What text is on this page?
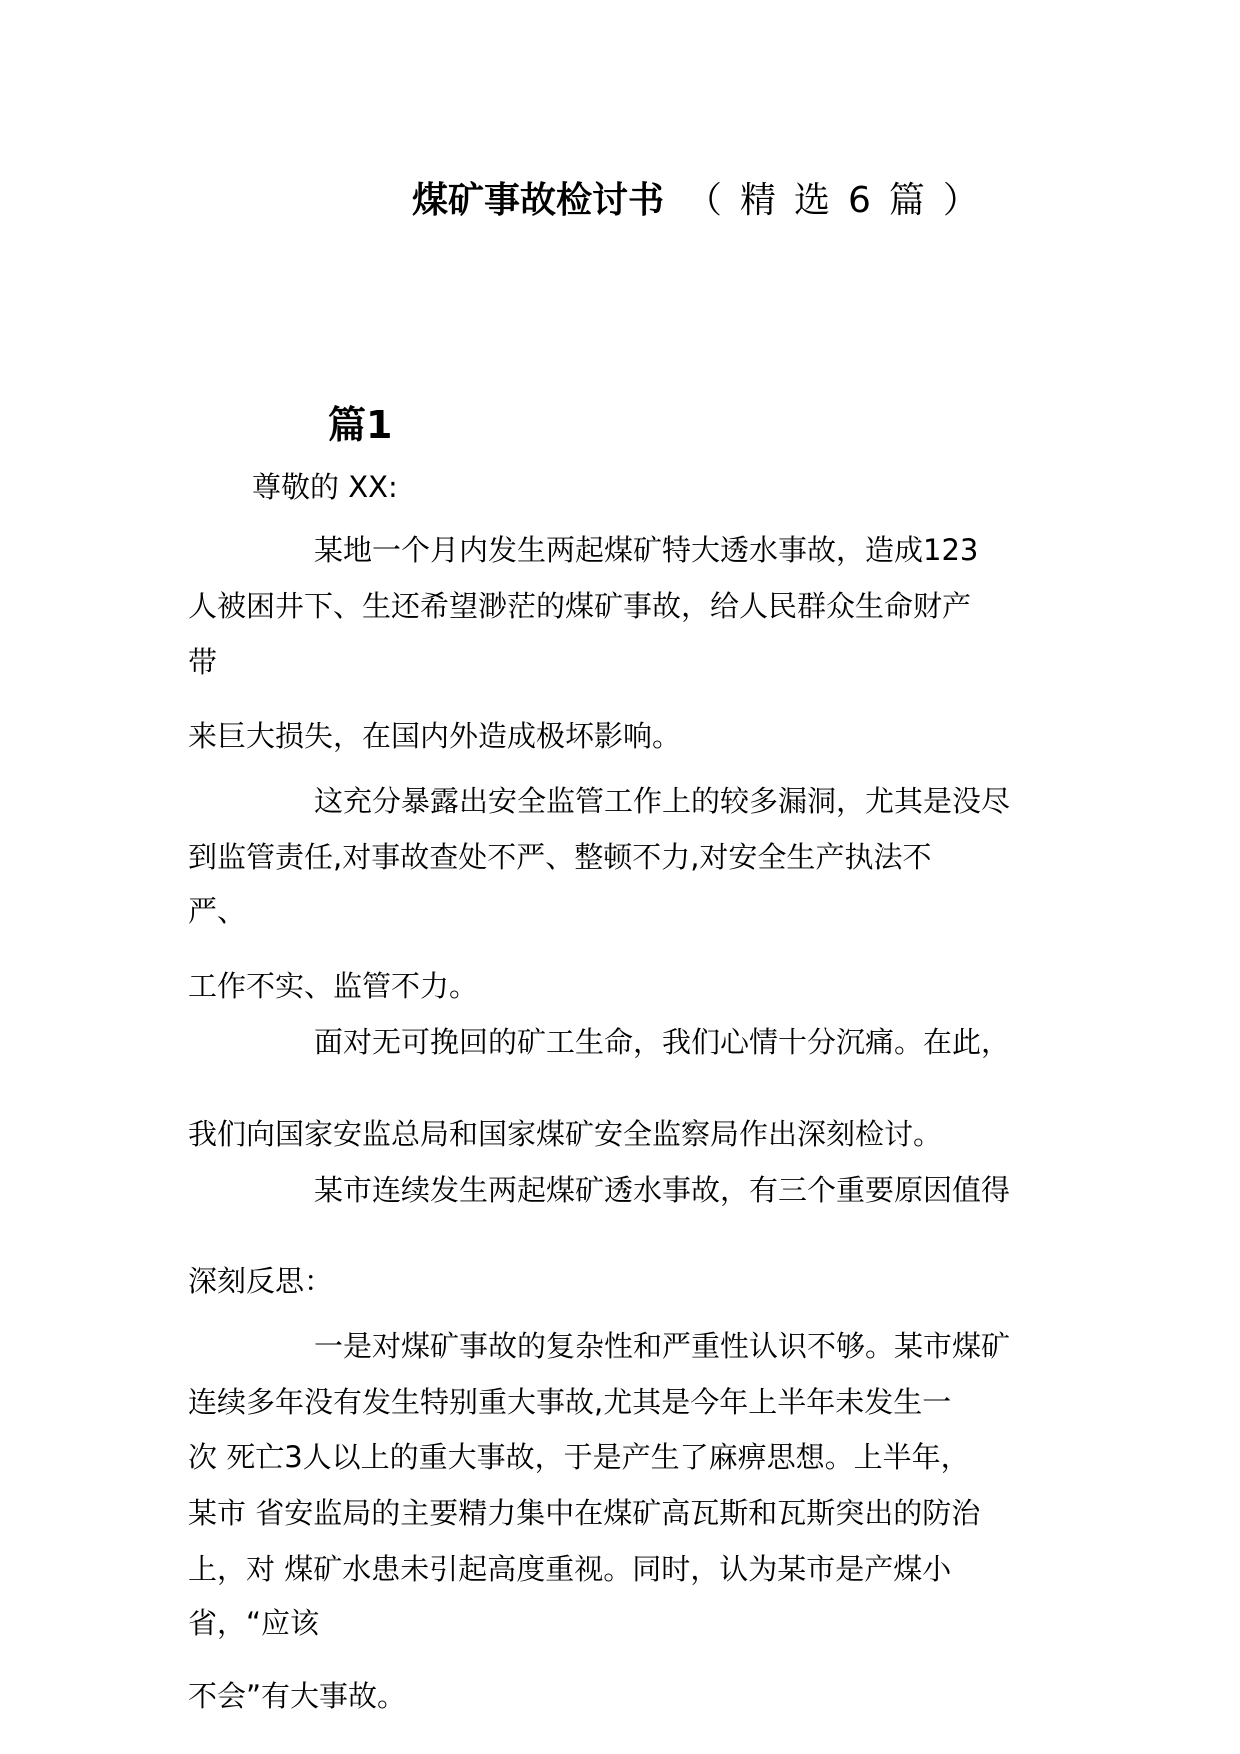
煤矿事故检讨书 （精选6篇）
篇1
尊敬的 XX:
某地一个月内发生两起煤矿特大透水事故，造成123
人被困井下、生还希望渺茫的煤矿事故，给人民群众生命财产
带
来巨大损失，在国内外造成极坏影响。
这充分暴露出安全监管工作上的较多漏洞，尤其是没尽
到监管责任,对事故查处不严、整顿不力,对安全生产执法不
严、
工作不实、监管不力。
面对无可挽回的矿工生命，我们心情十分沉痛。在此，
我们向国家安监总局和国家煤矿安全监察局作出深刻检讨。
某市连续发生两起煤矿透水事故，有三个重要原因值得
深刻反思：
一是对煤矿事故的复杂性和严重性认识不够。某市煤矿
连续多年没有发生特别重大事故,尤其是今年上半年未发生一
次 死亡3人以上的重大事故，于是产生了麻痹思想。上半年，
某市 省安监局的主要精力集中在煤矿高瓦斯和瓦斯突出的防治
上，对 煤矿水患未引起高度重视。同时，认为某市是产煤小
省，“应该
不会”有大事故。
